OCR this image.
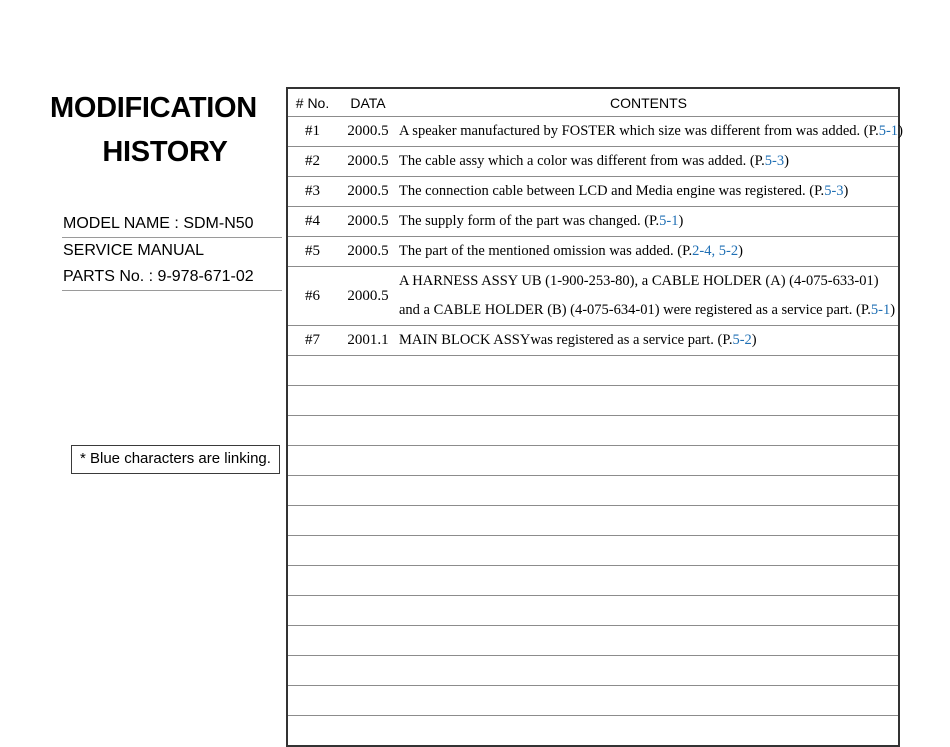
MODIFICATION
HISTORY
MODEL NAME : SDM-N50
SERVICE MANUAL
PARTS No. : 9-978-671-02
* Blue characters are linking.
# No.	DATA	CONTENTS
#1	2000.5	A speaker manufactured by FOSTER which size was different from was added. (P.5-1)

#2	2000.5	The cable assy which a color was different from was added. (P.5-3)

#3	2000.5	The connection cable between LCD and Media engine was registered. (P.5-3)

#4	2000.5	The supply form of the part was changed. (P.5-1)

#5	2000.5	The part of the mentioned omission was added. (P.2-4, 5-2)

#6	2000.5	A HARNESS ASSY UB (1-900-253-80), a CABLE HOLDER (A) (4-075-633-01)
and a CABLE HOLDER (B) (4-075-634-01) were registered as a service part. (P.5-1)

#7	2001.1	MAIN BLOCK ASSYwas registered as a service part. (P.5-2)
